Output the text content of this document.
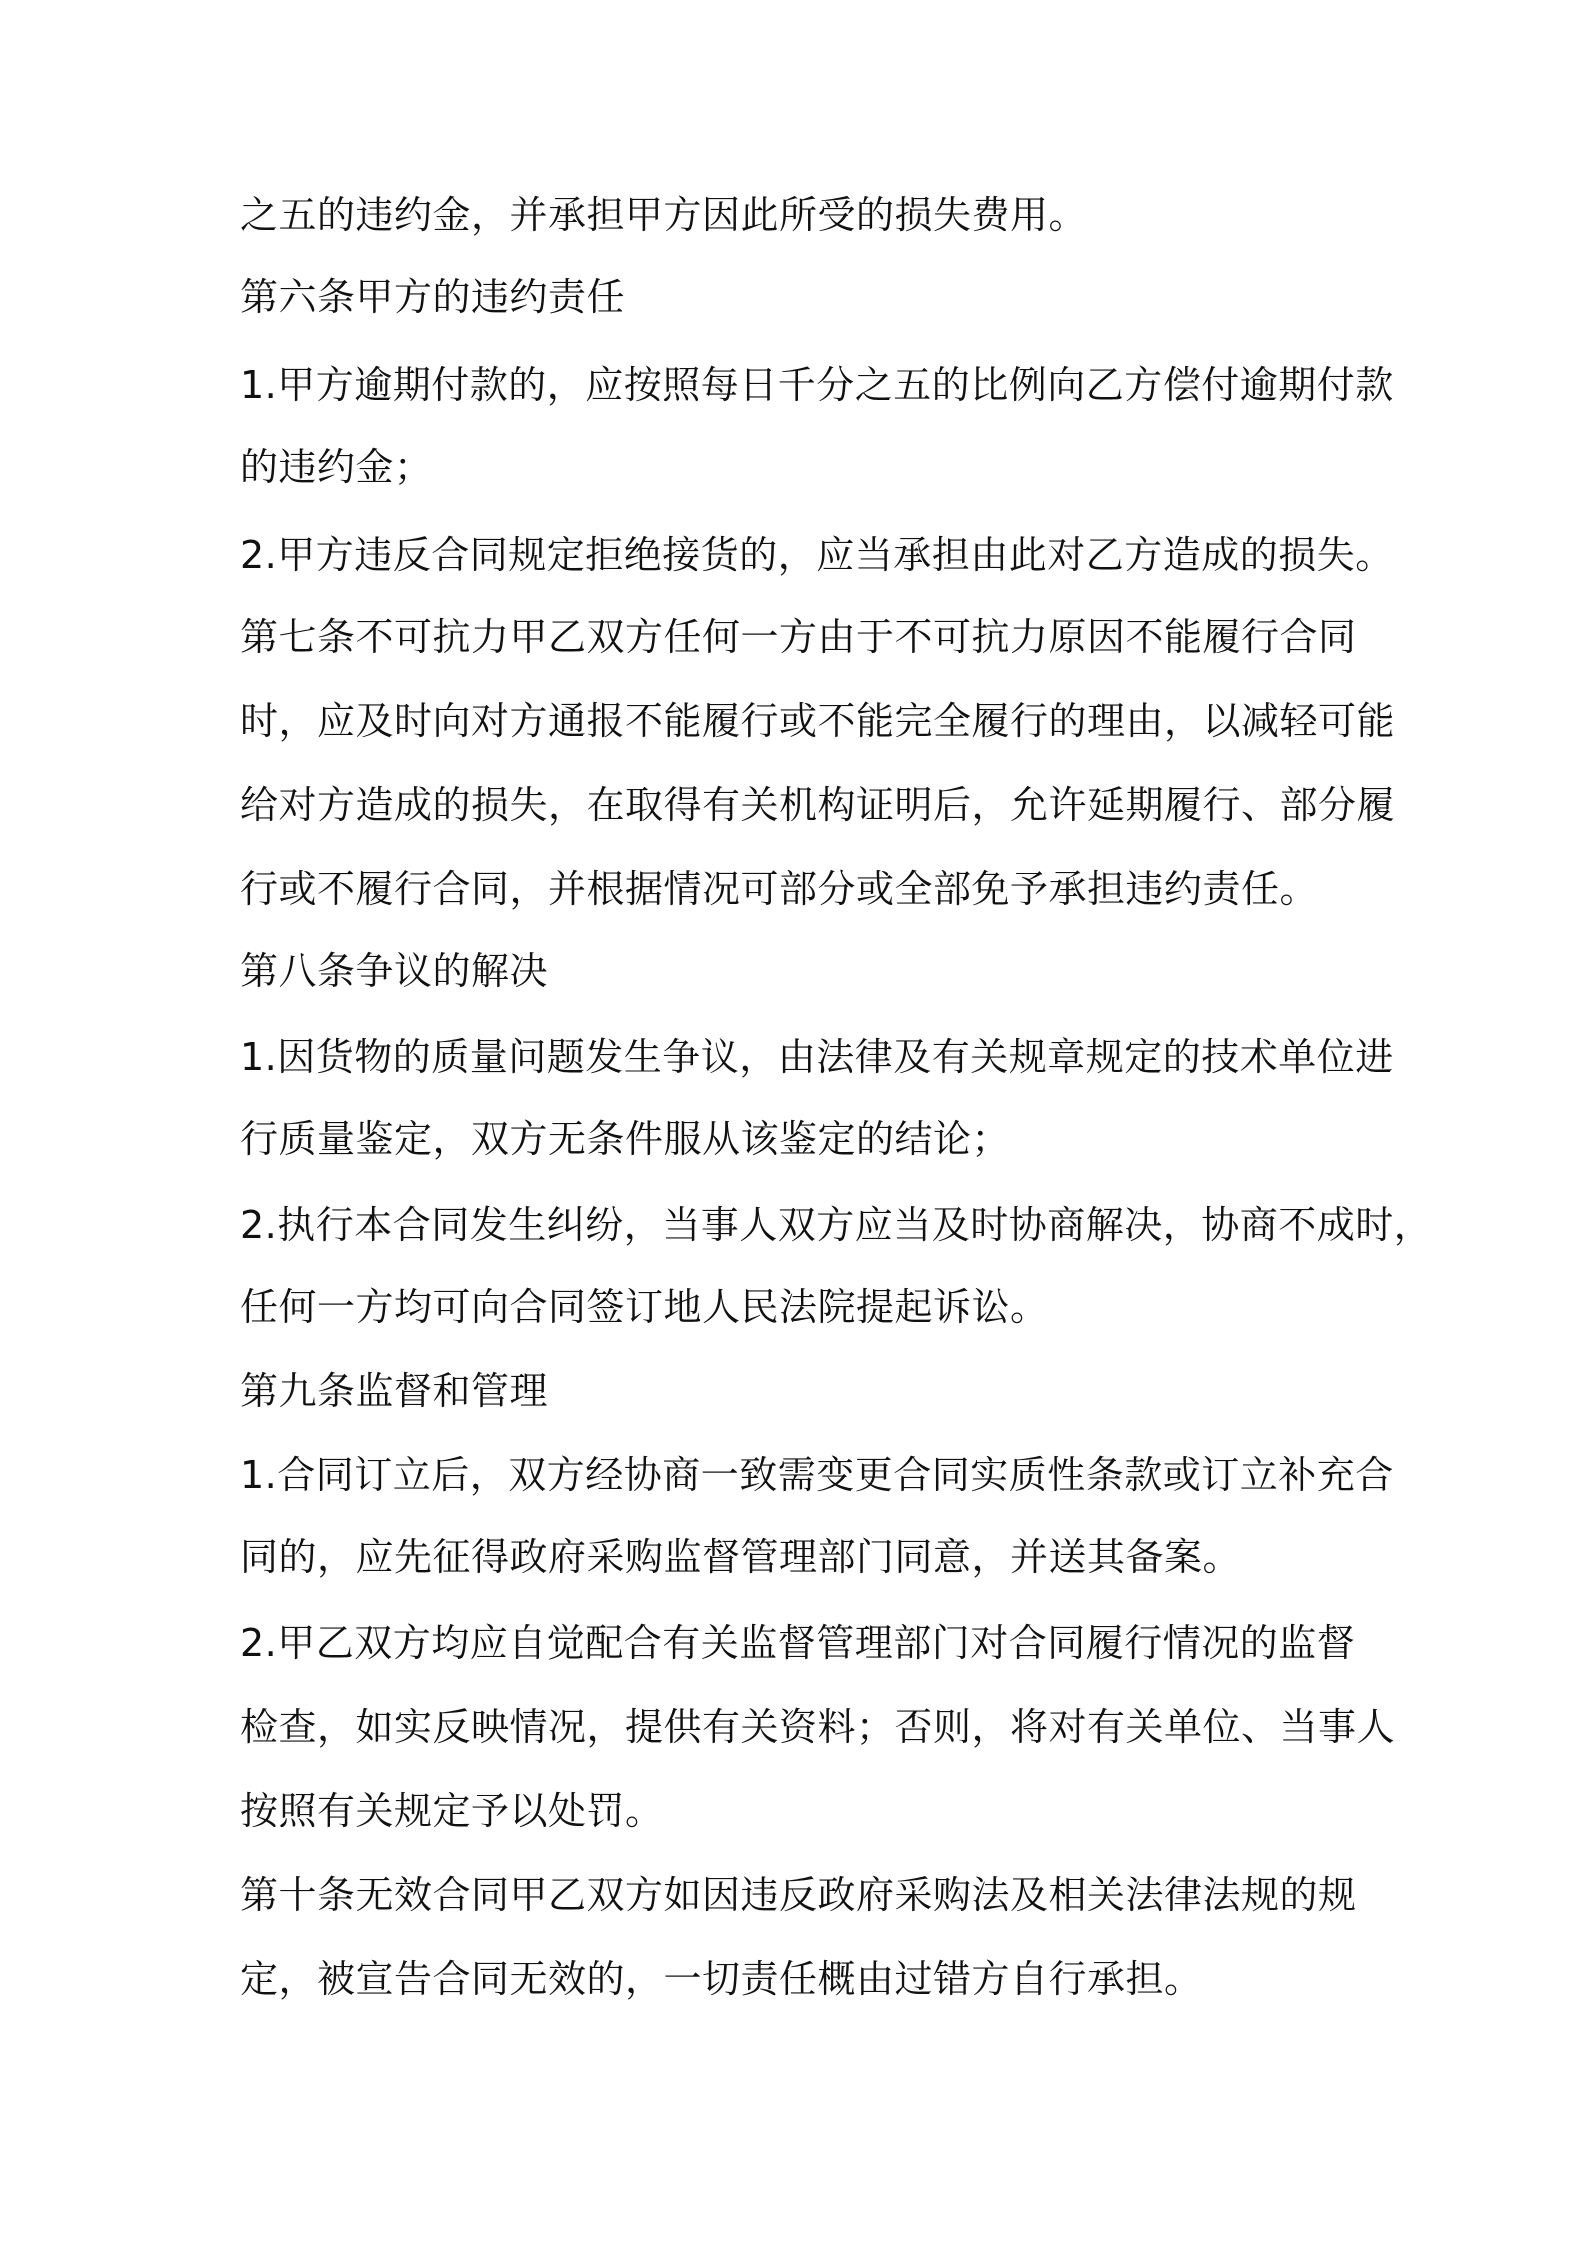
之五的违约金，并承担甲方因此所受的损失费用。
第六条甲方的违约责任
1.甲方逾期付款的，应按照每日千分之五的比例向乙方偿付逾期付款
的违约金；
2.甲方违反合同规定拒绝接货的，应当承担由此对乙方造成的损失。
第七条不可抗力甲乙双方任何一方由于不可抗力原因不能履行合同
时，应及时向对方通报不能履行或不能完全履行的理由，以减轻可能
给对方造成的损失，在取得有关机构证明后，允许延期履行、部分履
行或不履行合同，并根据情况可部分或全部免予承担违约责任。
第八条争议的解决
1.因货物的质量问题发生争议，由法律及有关规章规定的技术单位进
行质量鉴定，双方无条件服从该鉴定的结论；
2.执行本合同发生纠纷，当事人双方应当及时协商解决，协商不成时，
任何一方均可向合同签订地人民法院提起诉讼。
第九条监督和管理
1.合同订立后，双方经协商一致需变更合同实质性条款或订立补充合
同的，应先征得政府采购监督管理部门同意，并送其备案。
2.甲乙双方均应自觉配合有关监督管理部门对合同履行情况的监督
检查，如实反映情况，提供有关资料；否则，将对有关单位、当事人
按照有关规定予以处罚。
第十条无效合同甲乙双方如因违反政府采购法及相关法律法规的规
定，被宣告合同无效的，一切责任概由过错方自行承担。
